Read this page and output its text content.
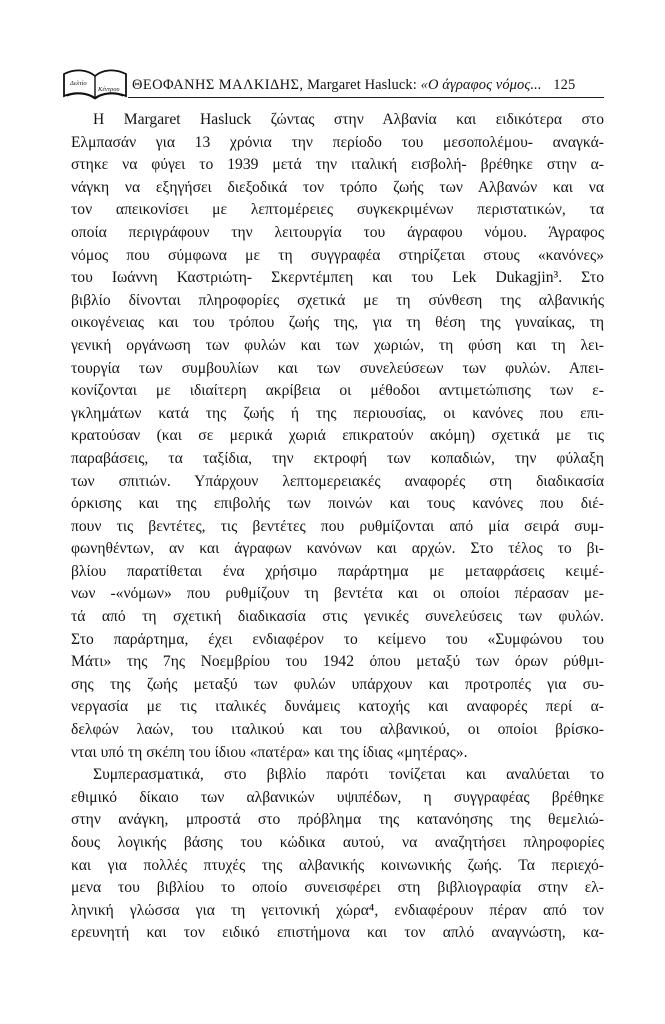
Δελτίο
Κέντρου ΘΕΟΦΑΝΗΣ ΜΑΛΚΙΔΗΣ, Margaret Hasluck: «Ο άγραφος νόμος... 125
Η Margaret Hasluck ζώντας στην Αλβανία και ειδικότερα στο
Ελμπασάν για 13 χρόνια την περίοδο του μεσοπολέμου- αναγκά-
στηκε να φύγει το 1939 μετά την ιταλική εισβολή- βρέθηκε στην α-
νάγκη να εξηγήσει διεξοδικά τον τρόπο ζωής των Αλβανών και να
τον απεικονίσει με λεπτομέρειες συγκεκριμένων περιστατικών, τα
οποία περιγράφουν την λειτουργία του άγραφου νόμου. Άγραφος
νόμος που σύμφωνα με τη συγγραφέα στηρίζεται στους «κανόνες»
του Ιωάννη Καστριώτη- Σκερντέμπεη και του Lek Dukagjin³. Στο
βιβλίο δίνονται πληροφορίες σχετικά με τη σύνθεση της αλβανικής
οικογένειας και του τρόπου ζωής της, για τη θέση της γυναίκας, τη
γενική οργάνωση των φυλών και των χωριών, τη φύση και τη λει-
τουργία των συμβουλίων και των συνελεύσεων των φυλών. Απει-
κονίζονται με ιδιαίτερη ακρίβεια οι μέθοδοι αντιμετώπισης των ε-
γκλημάτων κατά της ζωής ή της περιουσίας, οι κανόνες που επι-
κρατούσαν (και σε μερικά χωριά επικρατούν ακόμη) σχετικά με τις
παραβάσεις, τα ταξίδια, την εκτροφή των κοπαδιών, την φύλαξη
των σπιτιών. Υπάρχουν λεπτομερειακές αναφορές στη διαδικασία
όρκισης και της επιβολής των ποινών και τους κανόνες που διέ-
πουν τις βεντέτες, τις βεντέτες που ρυθμίζονται από μία σειρά συμ-
φωνηθέντων, αν και άγραφων κανόνων και αρχών. Στο τέλος το βι-
βλίου παρατίθεται ένα χρήσιμο παράρτημα με μεταφράσεις κειμέ-
νων -«νόμων» που ρυθμίζουν τη βεντέτα και οι οποίοι πέρασαν με-
τά από τη σχετική διαδικασία στις γενικές συνελεύσεις των φυλών.
Στο παράρτημα, έχει ενδιαφέρον το κείμενο του «Συμφώνου του
Μάτι» της 7ης Νοεμβρίου του 1942 όπου μεταξύ των όρων ρύθμι-
σης της ζωής μεταξύ των φυλών υπάρχουν και προτροπές για συ-
νεργασία με τις ιταλικές δυνάμεις κατοχής και αναφορές περί α-
δελφών λαών, του ιταλικού και του αλβανικού, οι οποίοι βρίσκο-
νται υπό τη σκέπη του ίδιου «πατέρα» και της ίδιας «μητέρας».
Συμπερασματικά, στο βιβλίο παρότι τονίζεται και αναλύεται το
εθιμικό δίκαιο των αλβανικών υψιπέδων, η συγγραφέας βρέθηκε
στην ανάγκη, μπροστά στο πρόβλημα της κατανόησης της θεμελιώ-
δους λογικής βάσης του κώδικα αυτού, να αναζητήσει πληροφορίες
και για πολλές πτυχές της αλβανικής κοινωνικής ζωής. Τα περιεχό-
μενα του βιβλίου το οποίο συνεισφέρει στη βιβλιογραφία στην ελ-
ληνική γλώσσα για τη γειτονική χώρα⁴, ενδιαφέρουν πέραν από τον
ερευνητή και τον ειδικό επιστήμονα και τον απλό αναγνώστη, κα-
